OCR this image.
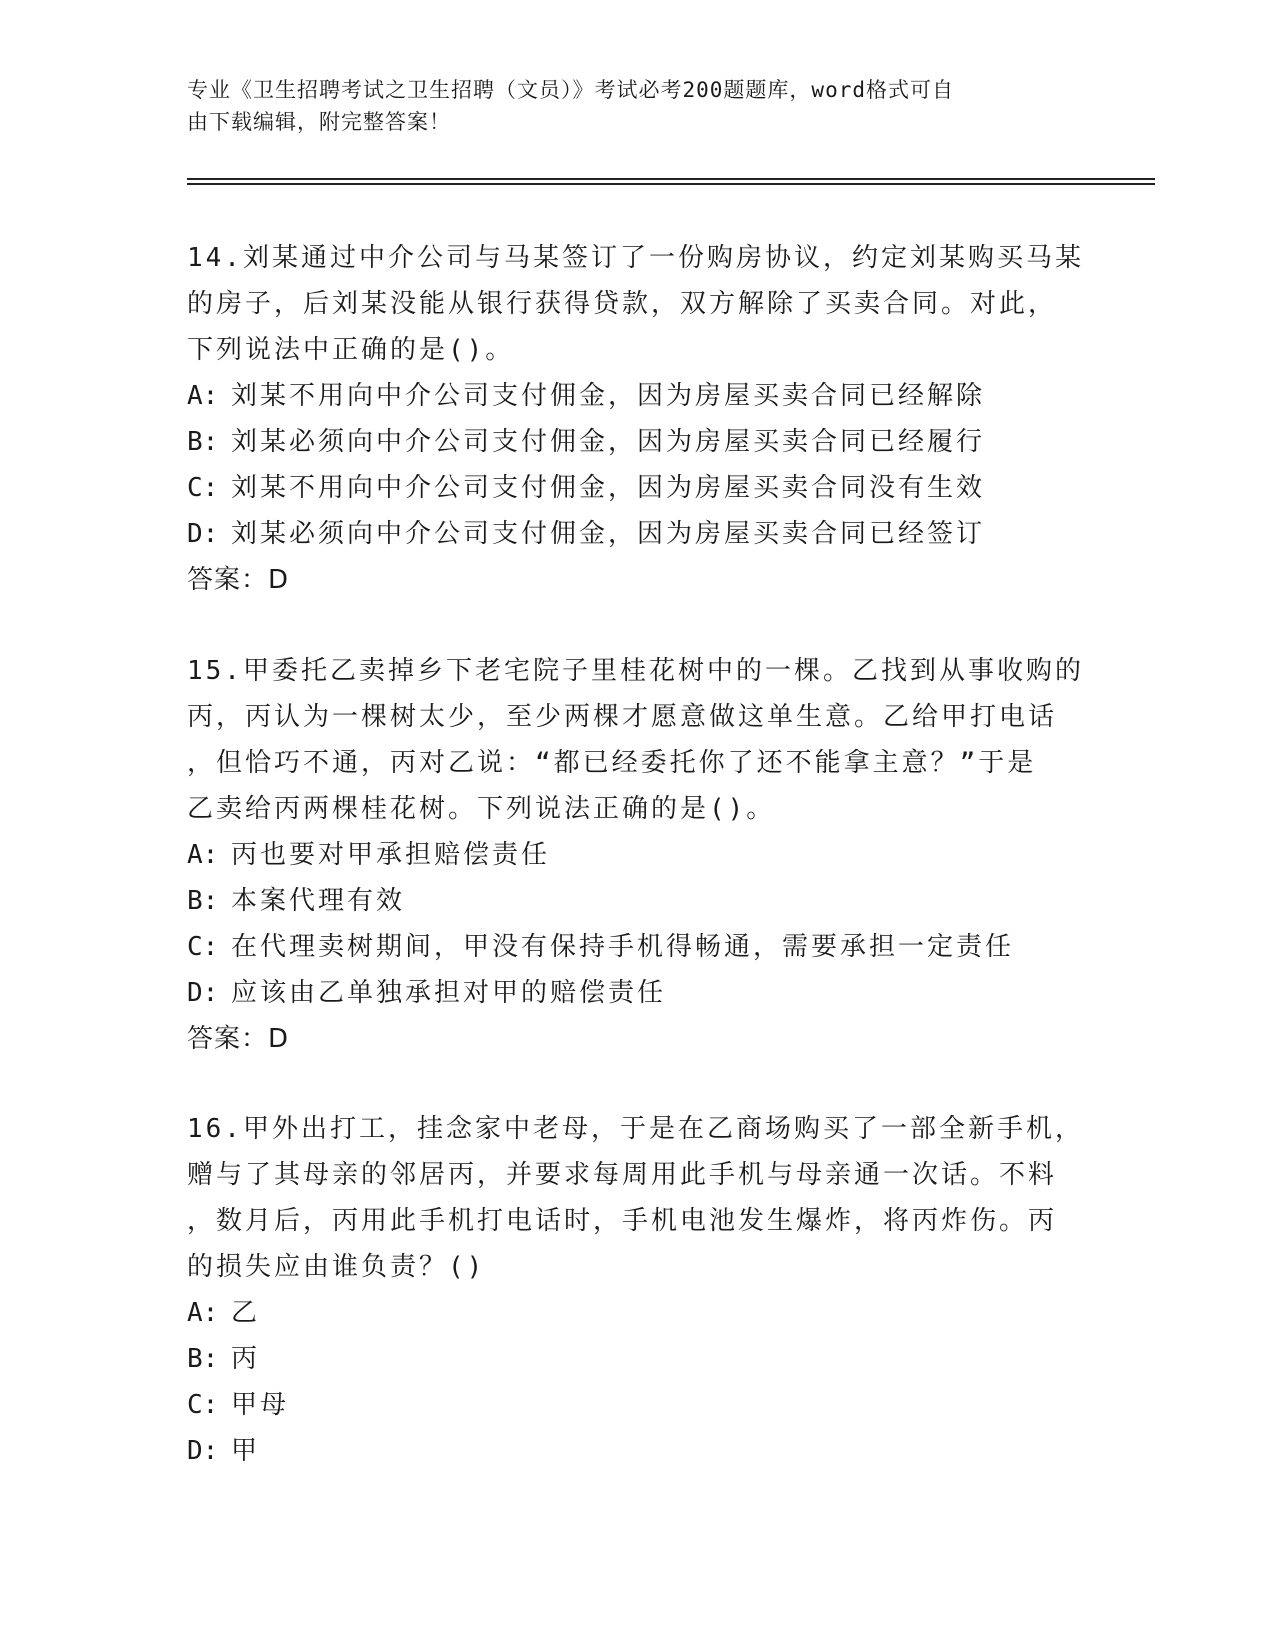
专业《卫生招聘考试之卫生招聘（文员）》考试必考200题题库，word格式可自
由下载编辑，附完整答案！

14.刘某通过中介公司与马某签订了一份购房协议，约定刘某购买马某

的房子，后刘某没能从银行获得贷款，双方解除了买卖合同。对此，

下列说法中正确的是()。

A: 刘某不用向中介公司支付佣金，因为房屋买卖合同已经解除

B: 刘某必须向中介公司支付佣金，因为房屋买卖合同已经履行

C: 刘某不用向中介公司支付佣金，因为房屋买卖合同没有生效

D: 刘某必须向中介公司支付佣金，因为房屋买卖合同已经签订

答案：D

15.甲委托乙卖掉乡下老宅院子里桂花树中的一棵。乙找到从事收购的

丙，丙认为一棵树太少，至少两棵才愿意做这单生意。乙给甲打电话

，但恰巧不通，丙对乙说：“都已经委托你了还不能拿主意？”于是

乙卖给丙两棵桂花树。下列说法正确的是()。

A: 丙也要对甲承担赔偿责任

B: 本案代理有效

C: 在代理卖树期间，甲没有保持手机得畅通，需要承担一定责任

D: 应该由乙单独承担对甲的赔偿责任

答案：D

16.甲外出打工，挂念家中老母，于是在乙商场购买了一部全新手机，

赠与了其母亲的邻居丙，并要求每周用此手机与母亲通一次话。不料

，数月后，丙用此手机打电话时，手机电池发生爆炸，将丙炸伤。丙

的损失应由谁负责？()

A: 乙

B: 丙

C: 甲母

D: 甲
